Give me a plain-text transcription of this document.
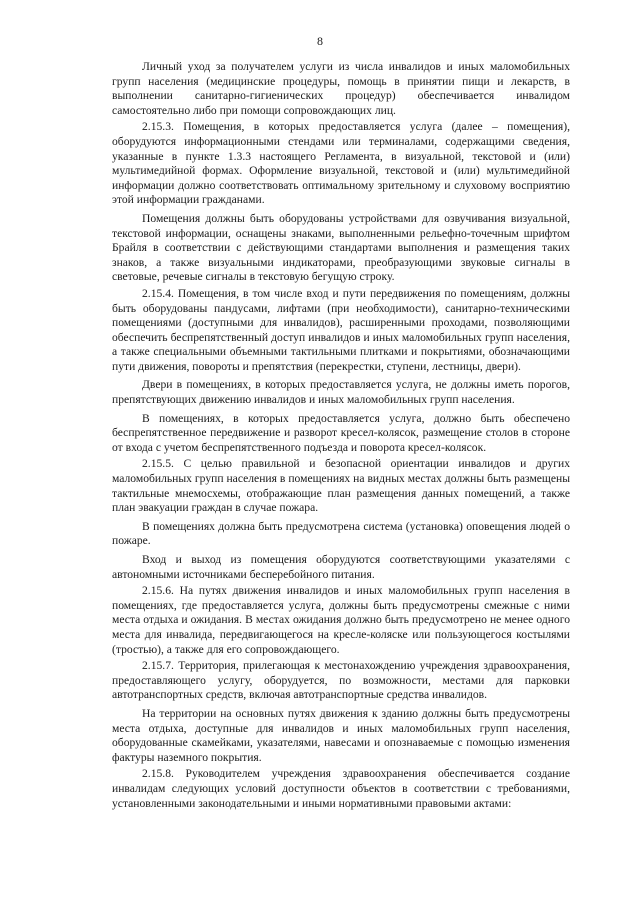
8

Личный уход за получателем услуги из числа инвалидов и иных маломобильных групп населения (медицинские процедуры, помощь в принятии пищи и лекарств, в выполнении санитарно-гигиенических процедур) обеспечивается инвалидом самостоятельно либо при помощи сопровождающих лиц.

2.15.3. Помещения, в которых предоставляется услуга (далее – помещения), оборудуются информационными стендами или терминалами, содержащими сведения, указанные в пункте 1.3.3 настоящего Регламента, в визуальной, текстовой и (или) мультимедийной формах. Оформление визуальной, текстовой и (или) мультимедийной информации должно соответствовать оптимальному зрительному и слуховому восприятию этой информации гражданами.

Помещения должны быть оборудованы устройствами для озвучивания визуальной, текстовой информации, оснащены знаками, выполненными рельефно-точечным шрифтом Брайля в соответствии с действующими стандартами выполнения и размещения таких знаков, а также визуальными индикаторами, преобразующими звуковые сигналы в световые, речевые сигналы в текстовую бегущую строку.

2.15.4. Помещения, в том числе вход и пути передвижения по помещениям, должны быть оборудованы пандусами, лифтами (при необходимости), санитарно-техническими помещениями (доступными для инвалидов), расширенными проходами, позволяющими обеспечить беспрепятственный доступ инвалидов и иных маломобильных групп населения, а также специальными объемными тактильными плитками и покрытиями, обозначающими пути движения, повороты и препятствия (перекрестки, ступени, лестницы, двери).

Двери в помещениях, в которых предоставляется услуга, не должны иметь порогов, препятствующих движению инвалидов и иных маломобильных групп населения.

В помещениях, в которых предоставляется услуга, должно быть обеспечено беспрепятственное передвижение и разворот кресел-колясок, размещение столов в стороне от входа с учетом беспрепятственного подъезда и поворота кресел-колясок.

2.15.5. С целью правильной и безопасной ориентации инвалидов и других маломобильных групп населения в помещениях на видных местах должны быть размещены тактильные мнемосхемы, отображающие план размещения данных помещений, а также план эвакуации граждан в случае пожара.

В помещениях должна быть предусмотрена система (установка) оповещения людей о пожаре.

Вход и выход из помещения оборудуются соответствующими указателями с автономными источниками бесперебойного питания.

2.15.6. На путях движения инвалидов и иных маломобильных групп населения в помещениях, где предоставляется услуга, должны быть предусмотрены смежные с ними места отдыха и ожидания. В местах ожидания должно быть предусмотрено не менее одного места для инвалида, передвигающегося на кресле-коляске или пользующегося костылями (тростью), а также для его сопровождающего.

2.15.7. Территория, прилегающая к местонахождению учреждения здравоохранения, предоставляющего услугу, оборудуется, по возможности, местами для парковки автотранспортных средств, включая автотранспортные средства инвалидов.

На территории на основных путях движения к зданию должны быть предусмотрены места отдыха, доступные для инвалидов и иных маломобильных групп населения, оборудованные скамейками, указателями, навесами и опознаваемые с помощью изменения фактуры наземного покрытия.

2.15.8. Руководителем учреждения здравоохранения обеспечивается создание инвалидам следующих условий доступности объектов в соответствии с требованиями, установленными законодательными и иными нормативными правовыми актами:
